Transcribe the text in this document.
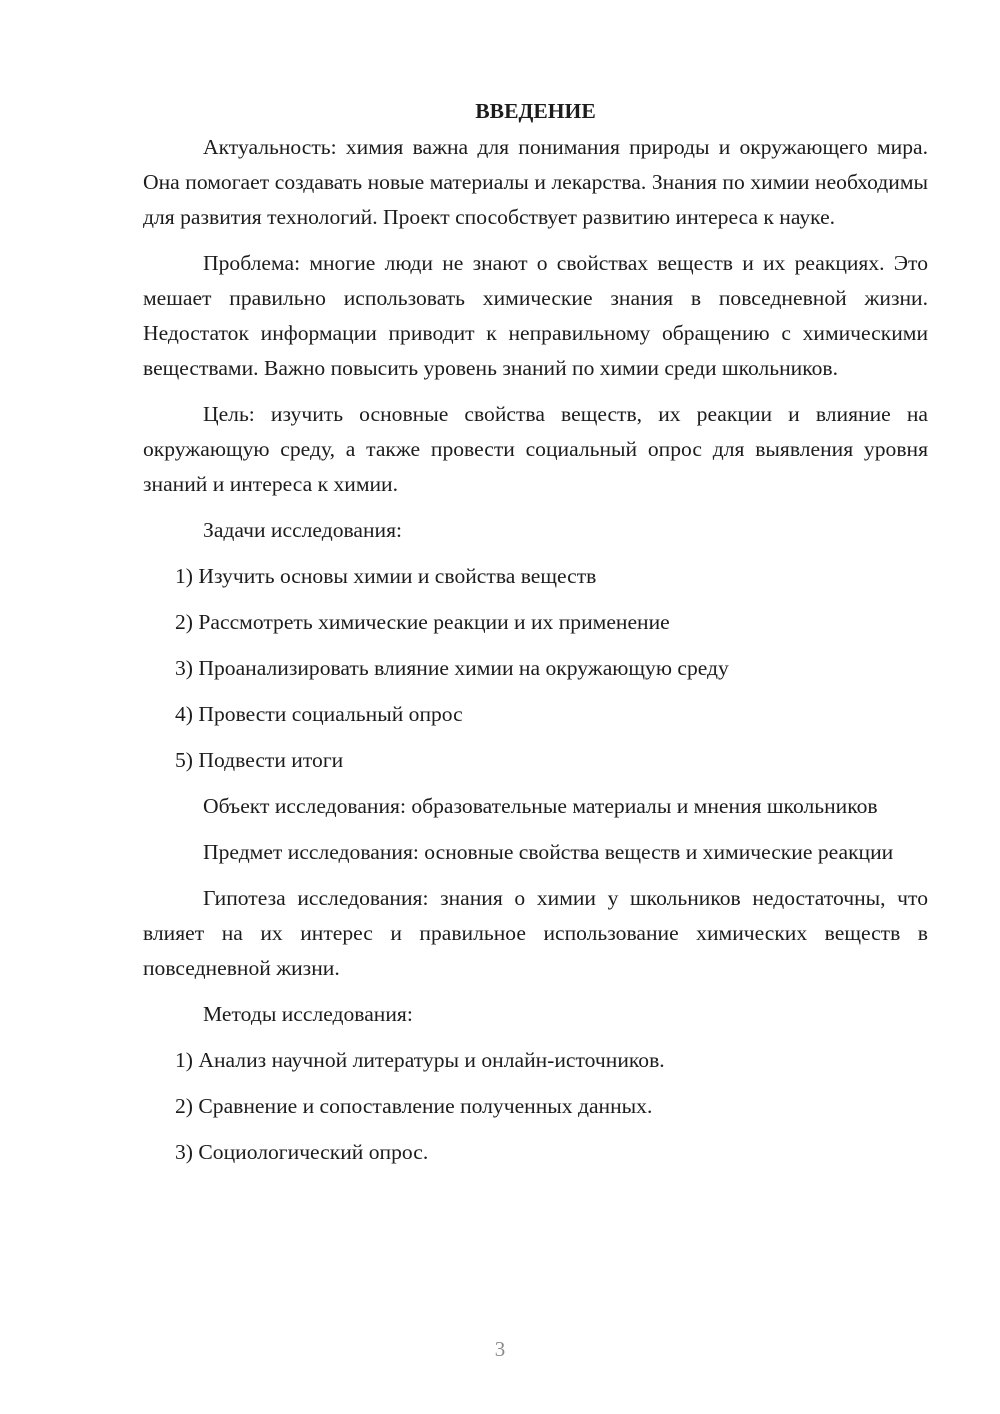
ВВЕДЕНИЕ

Актуальность: химия важна для понимания природы и окружающего мира. Она помогает создавать новые материалы и лекарства. Знания по химии необходимы для развития технологий. Проект способствует развитию интереса к науке.

Проблема: многие люди не знают о свойствах веществ и их реакциях. Это мешает правильно использовать химические знания в повседневной жизни. Недостаток информации приводит к неправильному обращению с химическими веществами. Важно повысить уровень знаний по химии среди школьников.

Цель: изучить основные свойства веществ, их реакции и влияние на окружающую среду, а также провести социальный опрос для выявления уровня знаний и интереса к химии.

Задачи исследования:

1) Изучить основы химии и свойства веществ

2) Рассмотреть химические реакции и их применение

3) Проанализировать влияние химии на окружающую среду

4) Провести социальный опрос

5) Подвести итоги

Объект исследования: образовательные материалы и мнения школьников

Предмет исследования: основные свойства веществ и химические реакции

Гипотеза исследования: знания о химии у школьников недостаточны, что влияет на их интерес и правильное использование химических веществ в повседневной жизни.

Методы исследования:

1) Анализ научной литературы и онлайн-источников.

2) Сравнение и сопоставление полученных данных.

3) Социологический опрос.

3
